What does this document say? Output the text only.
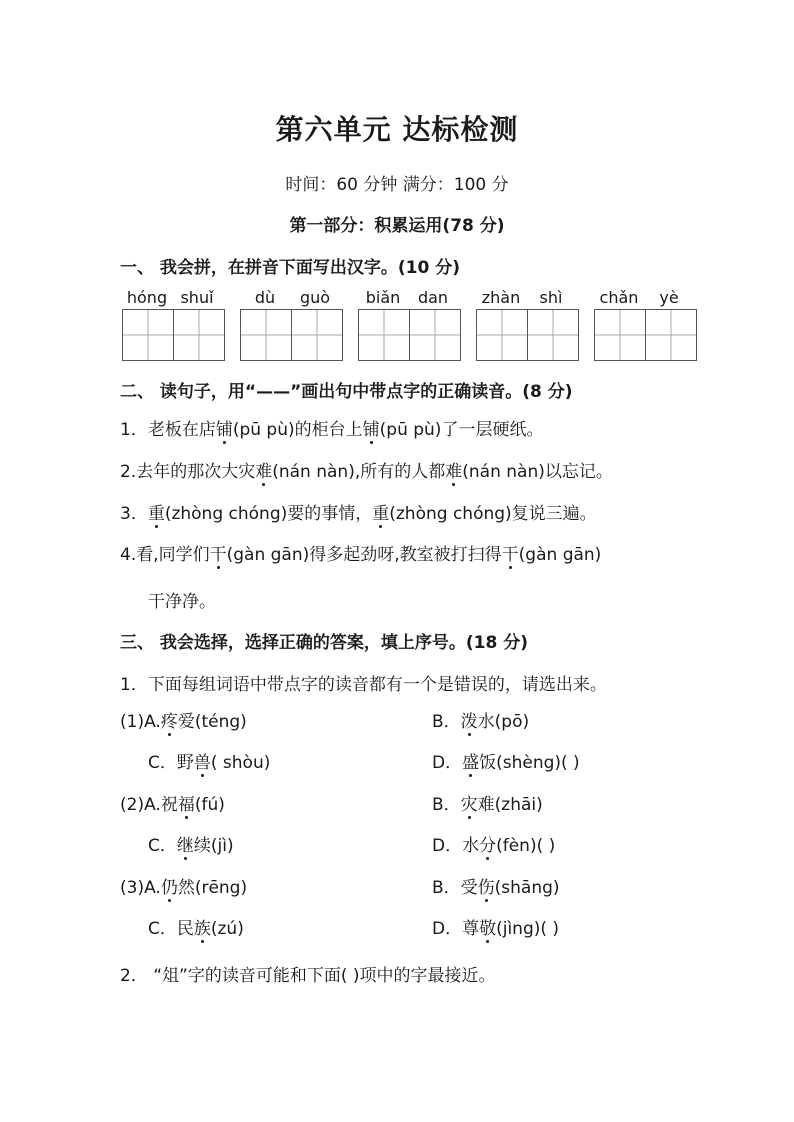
第六单元 达标检测
时间：60 分钟 满分：100 分
第一部分：积累运用(78 分)
一、 我会拼，在拼音下面写出汉字。(10 分)
hóng shuǐ	dù	guò	biǎn	dan	zhàn	shì	chǎn	yè
二、 读句子，用“——”画出句中带点字的正确读音。(8 分)
1．老板在店铺(pū pù)的柜台上铺(pū pù)了一层硬纸。
2.去年的那次大灾难(nán nàn),所有的人都难(nán nàn)以忘记。
3．重(zhòng chóng)要的事情，重(zhòng chóng)复说三遍。
4.看,同学们干(gàn gān)得多起劲呀,教室被打扫得干(gàn gān)
干净净。
三、 我会选择，选择正确的答案，填上序号。(18 分)
1．下面每组词语中带点字的读音都有一个是错误的，请选出来。
(1)A.疼爱(téng)	B．泼水(pō)
C．野兽( shòu)	D．盛饭(shèng)( )
(2)A.祝福(fú)	B．灾难(zhāi)
C．继续(jì)	D．水分(fèn)( )
(3)A.仍然(rēng)	B．受伤(shāng)
C．民族(zú)	D．尊敬(jìng)( )
2． “俎”字的读音可能和下面( )项中的字最接近。
